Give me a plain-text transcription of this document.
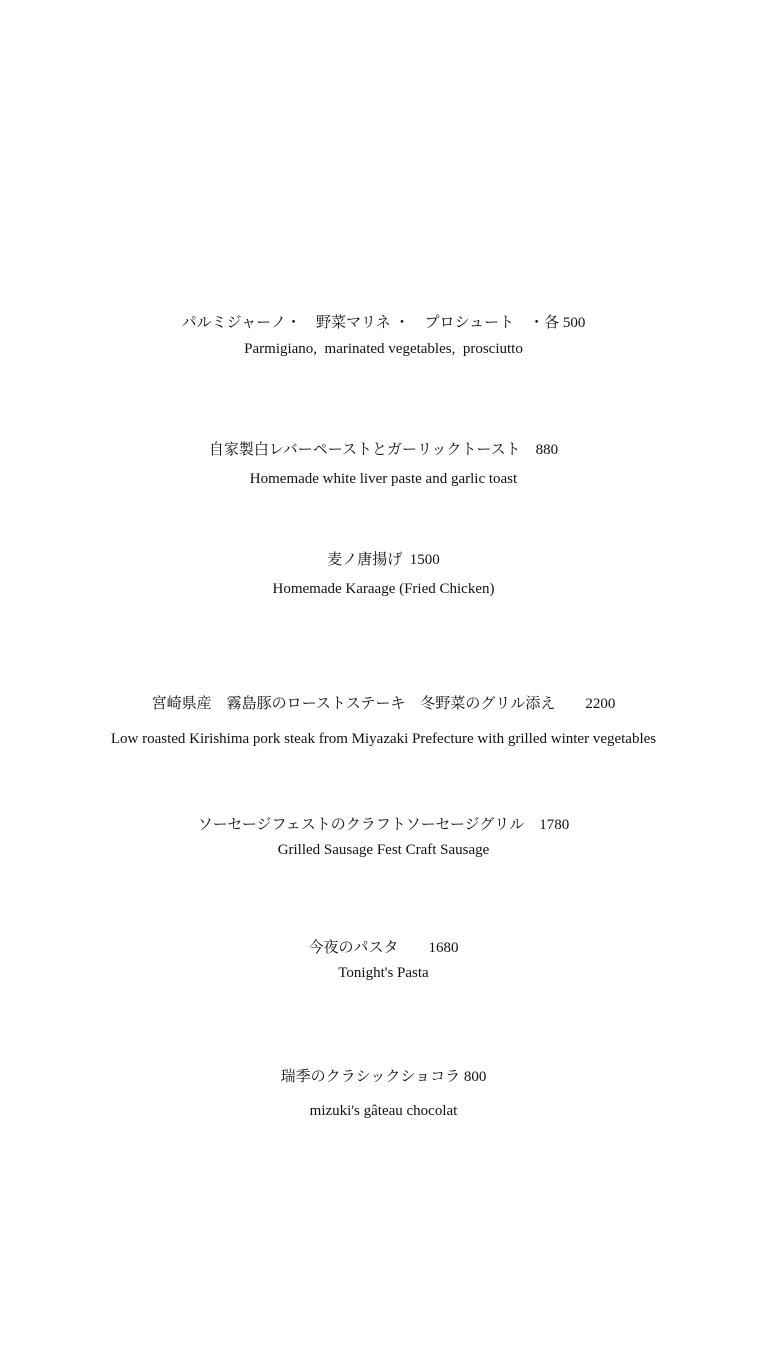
パルミジャーノ・　野菜マリネ ・　プロシュート　・各 500
Parmigiano,  marinated vegetables,  prosciutto
自家製白レバーペーストとガーリックトースト　880
Homemade white liver paste and garlic toast
麦ノ唐揚げ  1500
Homemade Karaage (Fried Chicken)
宮崎県産　霧島豚のローストステーキ　冬野菜のグリル添え　　2200
Low roasted Kirishima pork steak from Miyazaki Prefecture with grilled winter vegetables
ソーセージフェストのクラフトソーセージグリル　1780
Grilled Sausage Fest Craft Sausage
今夜のパスタ　　1680
Tonight's Pasta
瑞季のクラシックショコラ 800
mizuki's gâteau chocolat
